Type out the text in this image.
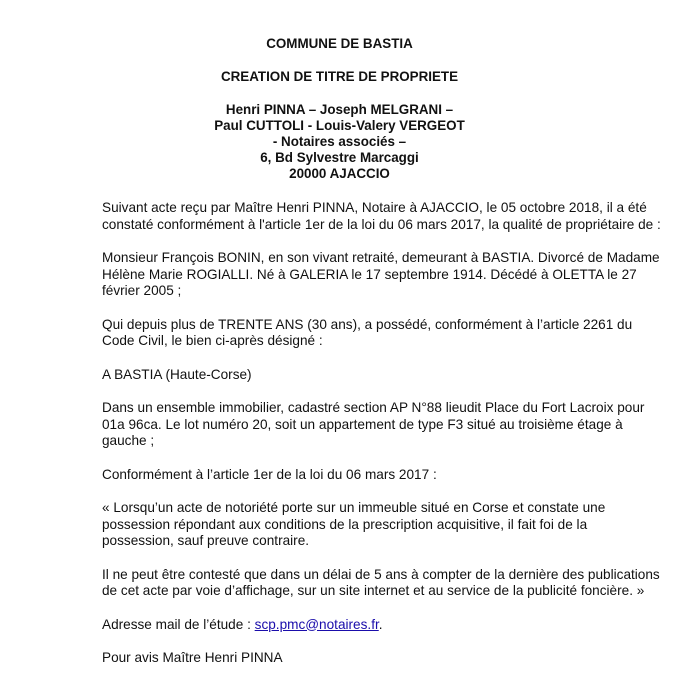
COMMUNE DE BASTIA
CREATION DE TITRE DE PROPRIETE
Henri PINNA – Joseph MELGRANI –
Paul CUTTOLI - Louis-Valery VERGEOT
- Notaires associés –
6, Bd Sylvestre Marcaggi
20000 AJACCIO

Suivant acte reçu par Maître Henri PINNA, Notaire à AJACCIO, le 05 octobre 2018, il a été constaté conformément à l'article 1er de la loi du 06 mars 2017, la qualité de propriétaire de :

Monsieur François BONIN, en son vivant retraité, demeurant à BASTIA. Divorcé de Madame Hélène Marie ROGIALLI. Né à GALERIA le 17 septembre 1914. Décédé à OLETTA le 27 février 2005 ;

Qui depuis plus de TRENTE ANS (30 ans), a possédé, conformément à l’article 2261 du Code Civil, le bien ci-après désigné :

A BASTIA (Haute-Corse)

Dans un ensemble immobilier, cadastré section AP N°88 lieudit Place du Fort Lacroix pour 01a 96ca. Le lot numéro 20, soit un appartement de type F3 situé au troisième étage à gauche ;

Conformément à l’article 1er de la loi du 06 mars 2017 :

« Lorsqu’un acte de notoriété porte sur un immeuble situé en Corse et constate une possession répondant aux conditions de la prescription acquisitive, il fait foi de la possession, sauf preuve contraire.

Il ne peut être contesté que dans un délai de 5 ans à compter de la dernière des publications de cet acte par voie d’affichage, sur un site internet et au service de la publicité foncière. »

Adresse mail de l’étude : scp.pmc@notaires.fr.

Pour avis Maître Henri PINNA
